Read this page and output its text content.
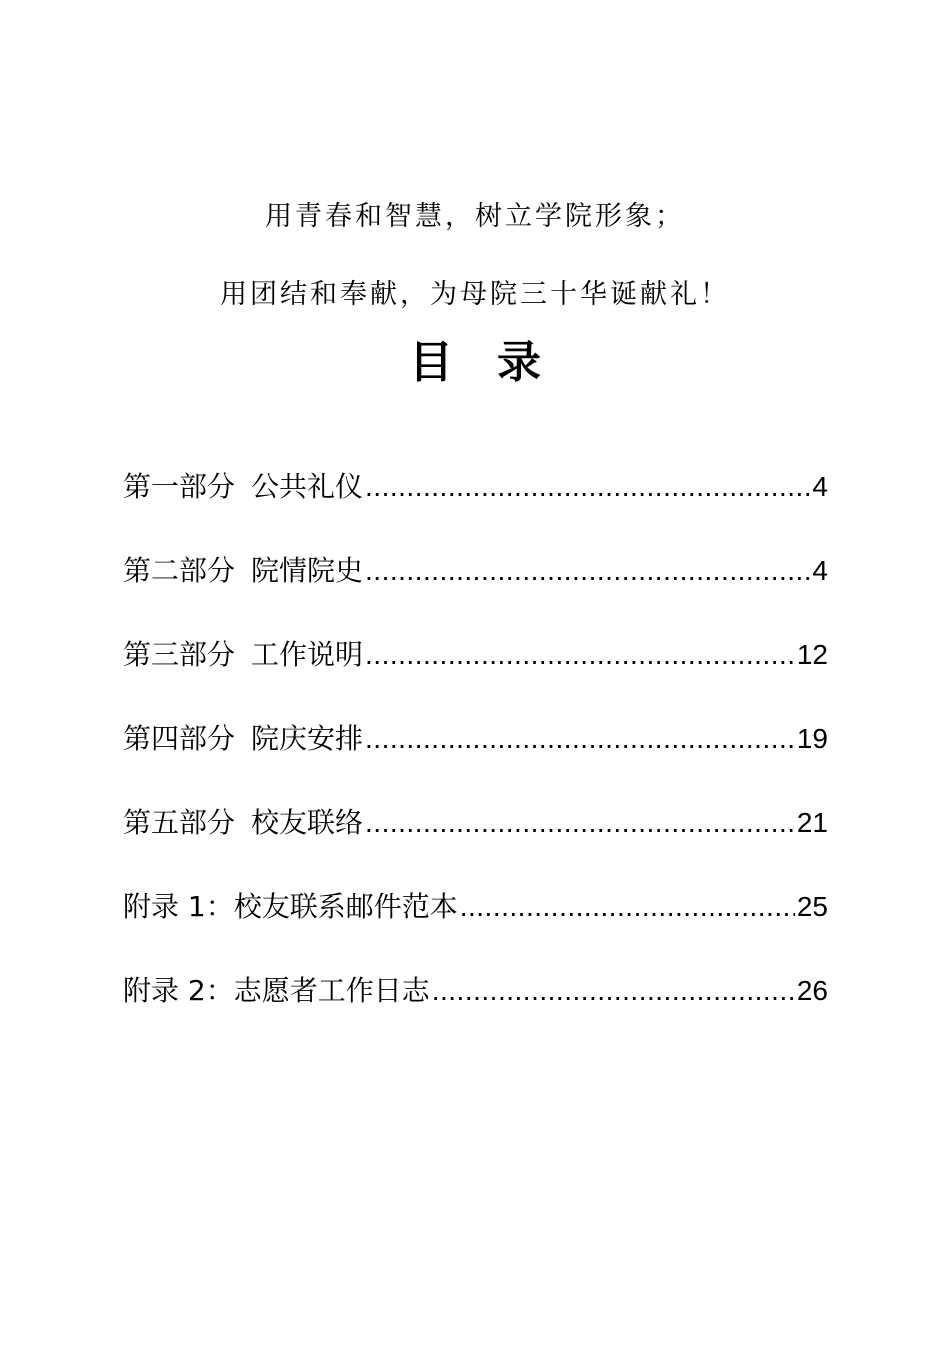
用青春和智慧，树立学院形象；
用团结和奉献，为母院三十华诞献礼！
目录
第一部分 公共礼仪 .....	4
第二部分 院情院史 .....	4
第三部分 工作说明 .....	12
第四部分 院庆安排 .....	19
第五部分 校友联络 .....	21
附录 1：校友联系邮件范本 .....	25
附录 2：志愿者工作日志 .....	26
